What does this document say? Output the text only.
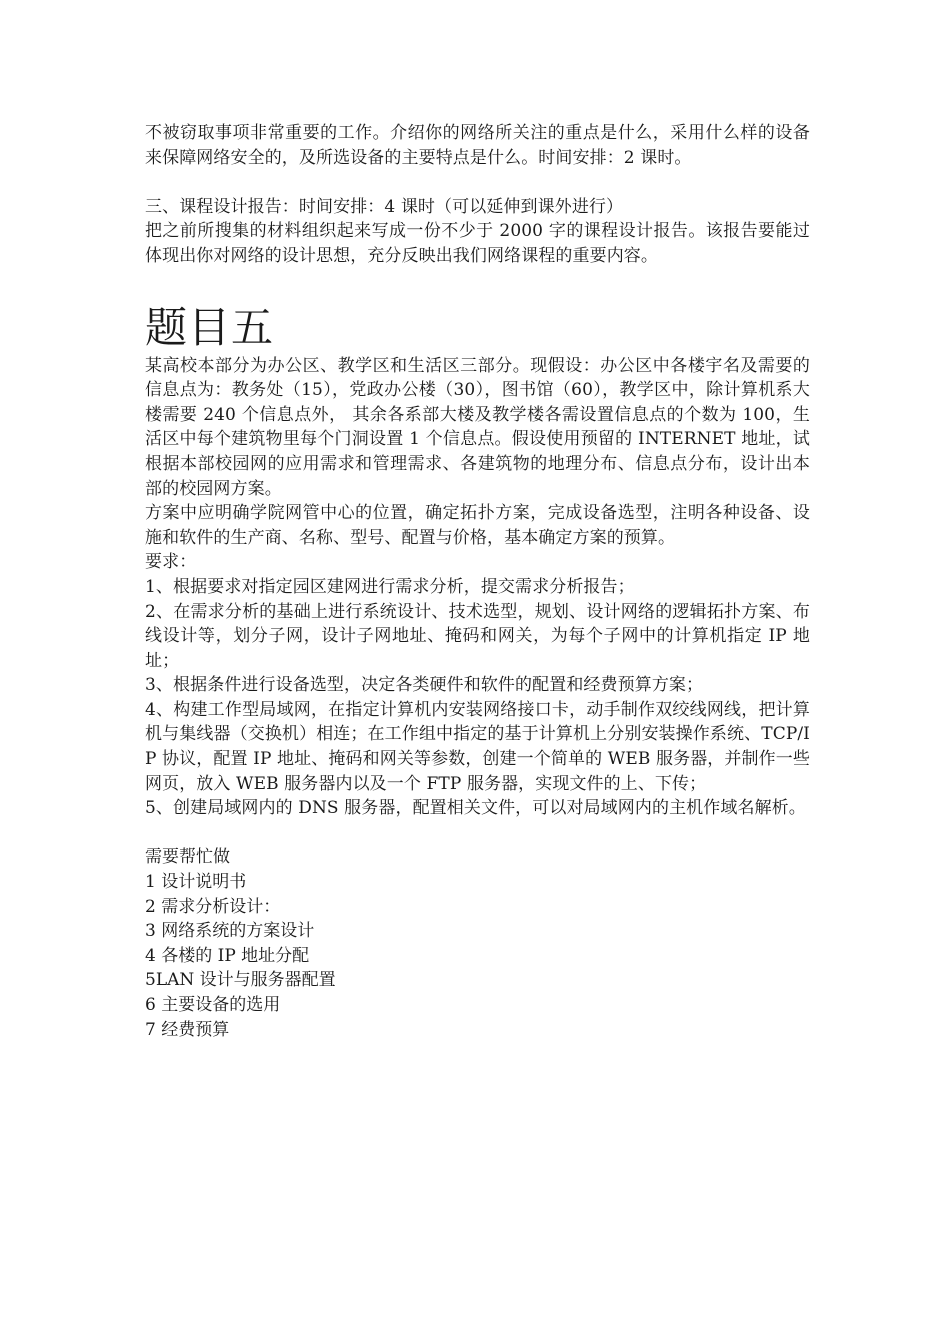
不被窃取事项非常重要的工作。介绍你的网络所关注的重点是什么，采用什么样的设备来保障网络安全的，及所选设备的主要特点是什么。时间安排：2 课时。

三、课程设计报告：时间安排：4 课时（可以延伸到课外进行）

把之前所搜集的材料组织起来写成一份不少于 2000 字的课程设计报告。该报告要能过体现出你对网络的设计思想，充分反映出我们网络课程的重要内容。

题目五

某高校本部分为办公区、教学区和生活区三部分。现假设：办公区中各楼宇名及需要的信息点为：教务处（15），党政办公楼（30），图书馆（60），教学区中，除计算机系大楼需要 240 个信息点外， 其余各系部大楼及教学楼各需设置信息点的个数为 100，生活区中每个建筑物里每个门洞设置 1 个信息点。假设使用预留的 INTERNET 地址，试根据本部校园网的应用需求和管理需求、各建筑物的地理分布、信息点分布，设计出本部的校园网方案。

方案中应明确学院网管中心的位置，确定拓扑方案，完成设备选型，注明各种设备、设施和软件的生产商、名称、型号、配置与价格，基本确定方案的预算。

要求：

1、根据要求对指定园区建网进行需求分析，提交需求分析报告；

2、在需求分析的基础上进行系统设计、技术选型，规划、设计网络的逻辑拓扑方案、布线设计等，划分子网，设计子网地址、掩码和网关，为每个子网中的计算机指定 IP 地址；

3、根据条件进行设备选型，决定各类硬件和软件的配置和经费预算方案；

4、构建工作型局域网，在指定计算机内安装网络接口卡，动手制作双绞线网线，把计算机与集线器（交换机）相连；在工作组中指定的基于计算机上分别安装操作系统、TCP/IP 协议，配置 IP 地址、掩码和网关等参数，创建一个简单的 WEB 服务器，并制作一些网页，放入 WEB 服务器内以及一个 FTP 服务器，实现文件的上、下传；

5、创建局域网内的 DNS 服务器，配置相关文件，可以对局域网内的主机作域名解析。

需要帮忙做

1 设计说明书

2 需求分析设计：

3 网络系统的方案设计

4 各楼的 IP 地址分配

5LAN 设计与服务器配置

6 主要设备的选用

7 经费预算
